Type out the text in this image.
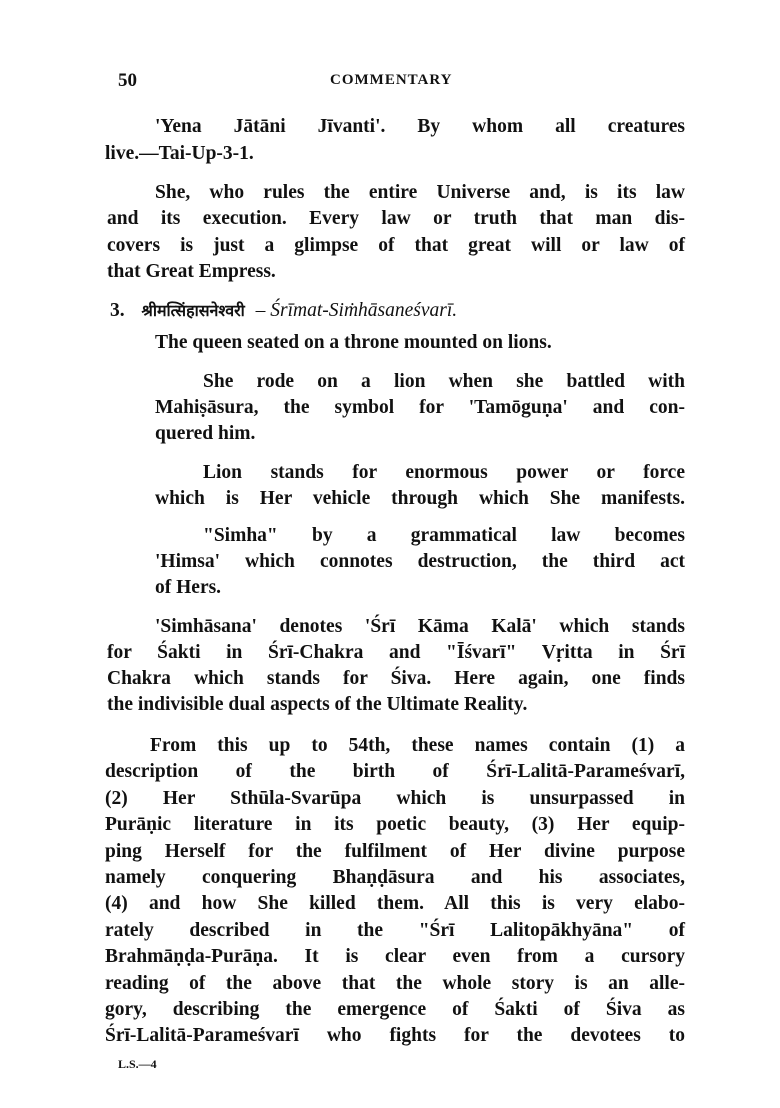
50	COMMENTARY
'Yena Jātāni Jīvanti'. By whom all creatures
live.—Tai-Up-3-1.
She, who rules the entire Universe and, is its law
and its execution. Every law or truth that man dis-
covers is just a glimpse of that great will or law of
that Great Empress.
3. श्रीमत्सिंहासनेश्वरी – Śrīmat-Siṁhāsaneśvarī.
The queen seated on a throne mounted on lions.
She rode on a lion when she battled with
Mahiṣāsura, the symbol for 'Tamōguṇa' and con-
quered him.
Lion stands for enormous power or force
which is Her vehicle through which She manifests.
"Simha" by a grammatical law becomes
'Himsa' which connotes destruction, the third act
of Hers.
'Simhāsana' denotes 'Śrī Kāma Kalā' which stands
for Śakti in Śrī-Chakra and "Īśvarī" Vṛitta in Śrī
Chakra which stands for Śiva. Here again, one finds
the indivisible dual aspects of the Ultimate Reality.
From this up to 54th, these names contain (1) a
description of the birth of Śrī-Lalitā-Parameśvarī,
(2) Her Sthūla-Svarūpa which is unsurpassed in
Purāṇic literature in its poetic beauty, (3) Her equip-
ping Herself for the fulfilment of Her divine purpose
namely conquering Bhaṇḍāsura and his associates,
(4) and how She killed them. All this is very elabo-
rately described in the "Śrī Lalitopākhyāna" of
Brahmāṇḍa-Purāṇa. It is clear even from a cursory
reading of the above that the whole story is an alle-
gory, describing the emergence of Śakti of Śiva as
Śrī-Lalitā-Parameśvarī who fights for the devotees to
L.S.—4
